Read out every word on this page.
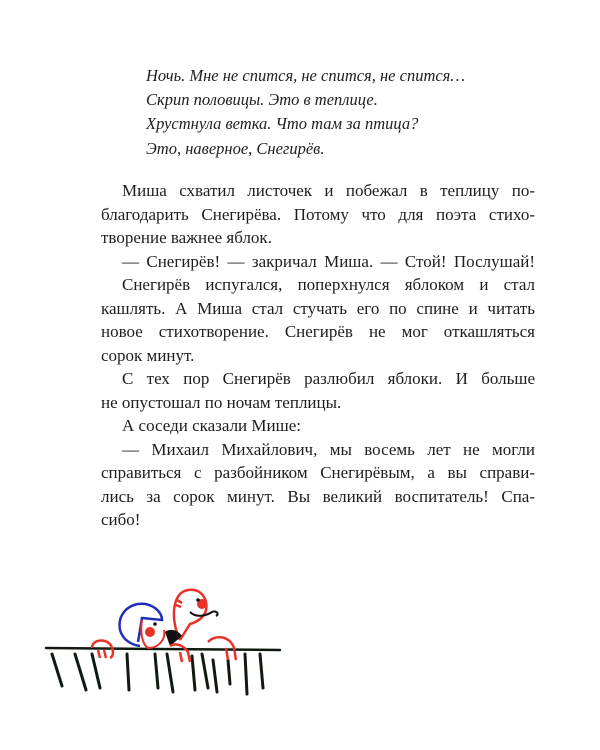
Ночь. Мне не спится, не спится, не спится…
Скрип половицы. Это в теплице.
Хрустнула ветка. Что там за птица?
Это, наверное, Снегирёв.
Миша схватил листочек и побежал в теплицу по-
благодарить Снегирёва. Потому что для поэта стихо-
творение важнее яблок.
— Снегирёв! — закричал Миша. — Стой! Послушай!
Снегирёв испугался, поперхнулся яблоком и стал
кашлять. А Миша стал стучать его по спине и читать
новое стихотворение. Снегирёв не мог откашляться
сорок минут.
С тех пор Снегирёв разлюбил яблоки. И больше
не опустошал по ночам теплицы.
А соседи сказали Мише:
— Михаил Михайлович, мы восемь лет не могли
справиться с разбойником Снегирёвым, а вы справи-
лись за сорок минут. Вы великий воспитатель! Спа-
сибо!
